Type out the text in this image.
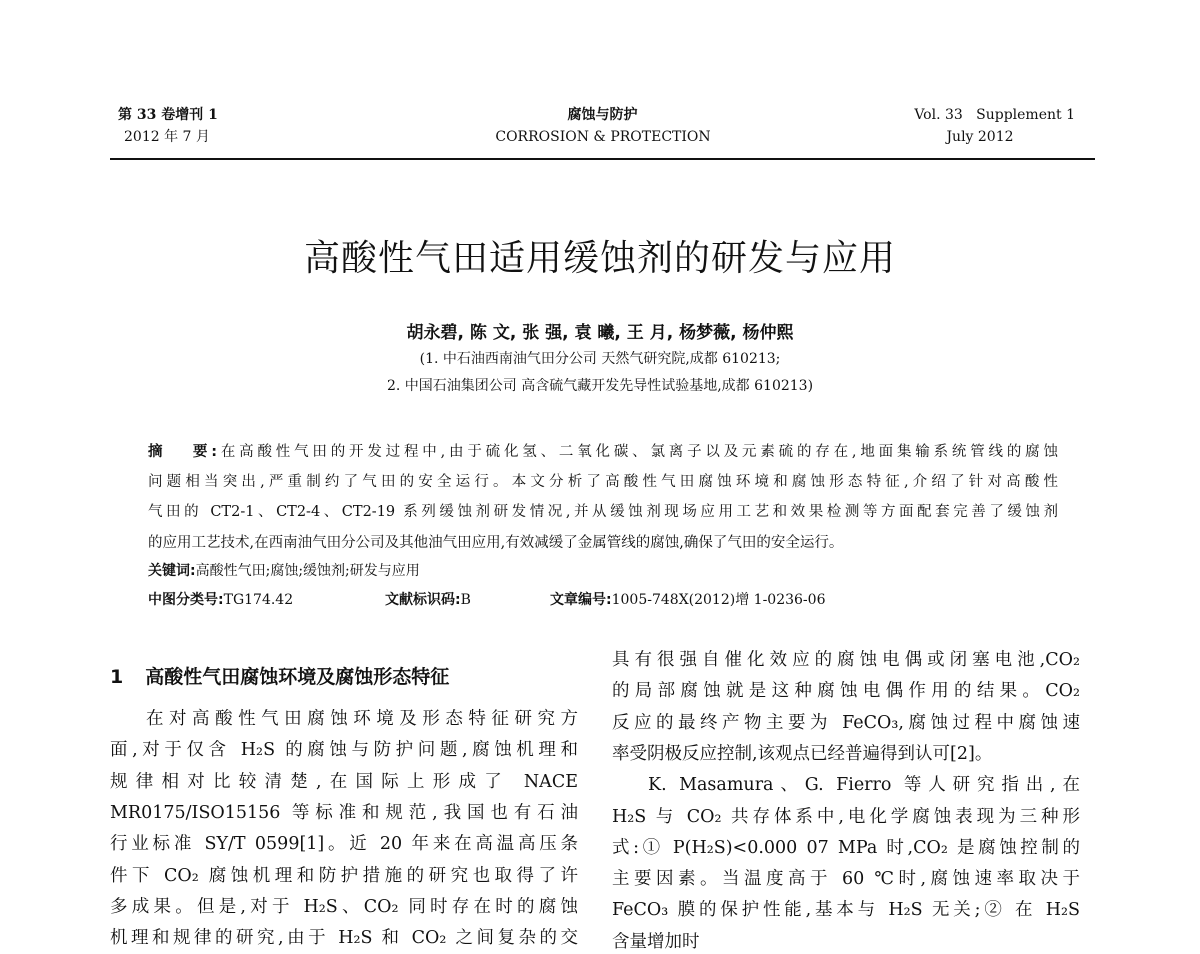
第 33 卷增刊 1
2012 年 7 月
腐蚀与防护
CORROSION & PROTECTION
Vol. 33   Supplement 1
July 2012
高酸性气田适用缓蚀剂的研发与应用
胡永碧, 陈 文, 张 强, 袁 曦, 王 月, 杨梦薇, 杨仲熙
(1. 中石油西南油气田分公司 天然气研究院,成都 610213;
2. 中国石油集团公司 高含硫气藏开发先导性试验基地,成都 610213)
摘   要:在高酸性气田的开发过程中,由于硫化氢、二氧化碳、氯离子以及元素硫的存在,地面集输系统管线的腐蚀
问题相当突出,严重制约了气田的安全运行。本文分析了高酸性气田腐蚀环境和腐蚀形态特征,介绍了针对高酸性
气田的 CT2-1、CT2-4、CT2-19 系列缓蚀剂研发情况,并从缓蚀剂现场应用工艺和效果检测等方面配套完善了缓蚀剂
的应用工艺技术,在西南油气田分公司及其他油气田应用,有效减缓了金属管线的腐蚀,确保了气田的安全运行。
关键词:高酸性气田;腐蚀;缓蚀剂;研发与应用
中图分类号:TG174.42	文献标识码:B	文章编号:1005-748X(2012)增 1-0236-06
1 高酸性气田腐蚀环境及腐蚀形态特征
在对高酸性气田腐蚀环境及形态特征研究方
面,对于仅含 H₂S 的腐蚀与防护问题,腐蚀机理和
规律相对比较清楚,在国际上形成了 NACE
MR0175/ISO15156 等标准和规范,我国也有石油
行业标准 SY/T 0599[1]。近 20 年来在高温高压条
件下 CO₂ 腐蚀机理和防护措施的研究也取得了许
多成果。但是,对于 H₂S、CO₂ 同时存在时的腐蚀
机理和规律的研究,由于 H₂S 和 CO₂ 之间复杂的交
具有很强自催化效应的腐蚀电偶或闭塞电池,CO₂
的局部腐蚀就是这种腐蚀电偶作用的结果。CO₂
反应的最终产物主要为 FeCO₃,腐蚀过程中腐蚀速
率受阴极反应控制,该观点已经普遍得到认可[2]。
K. Masamura、G. Fierro 等人研究指出,在
H₂S 与 CO₂ 共存体系中,电化学腐蚀表现为三种形
式:① P(H₂S)<0.000 07 MPa 时,CO₂ 是腐蚀控制的
主要因素。当温度高于 60 ℃时,腐蚀速率取决于
FeCO₃ 膜的保护性能,基本与 H₂S 无关;② 在 H₂S
含量增加时
